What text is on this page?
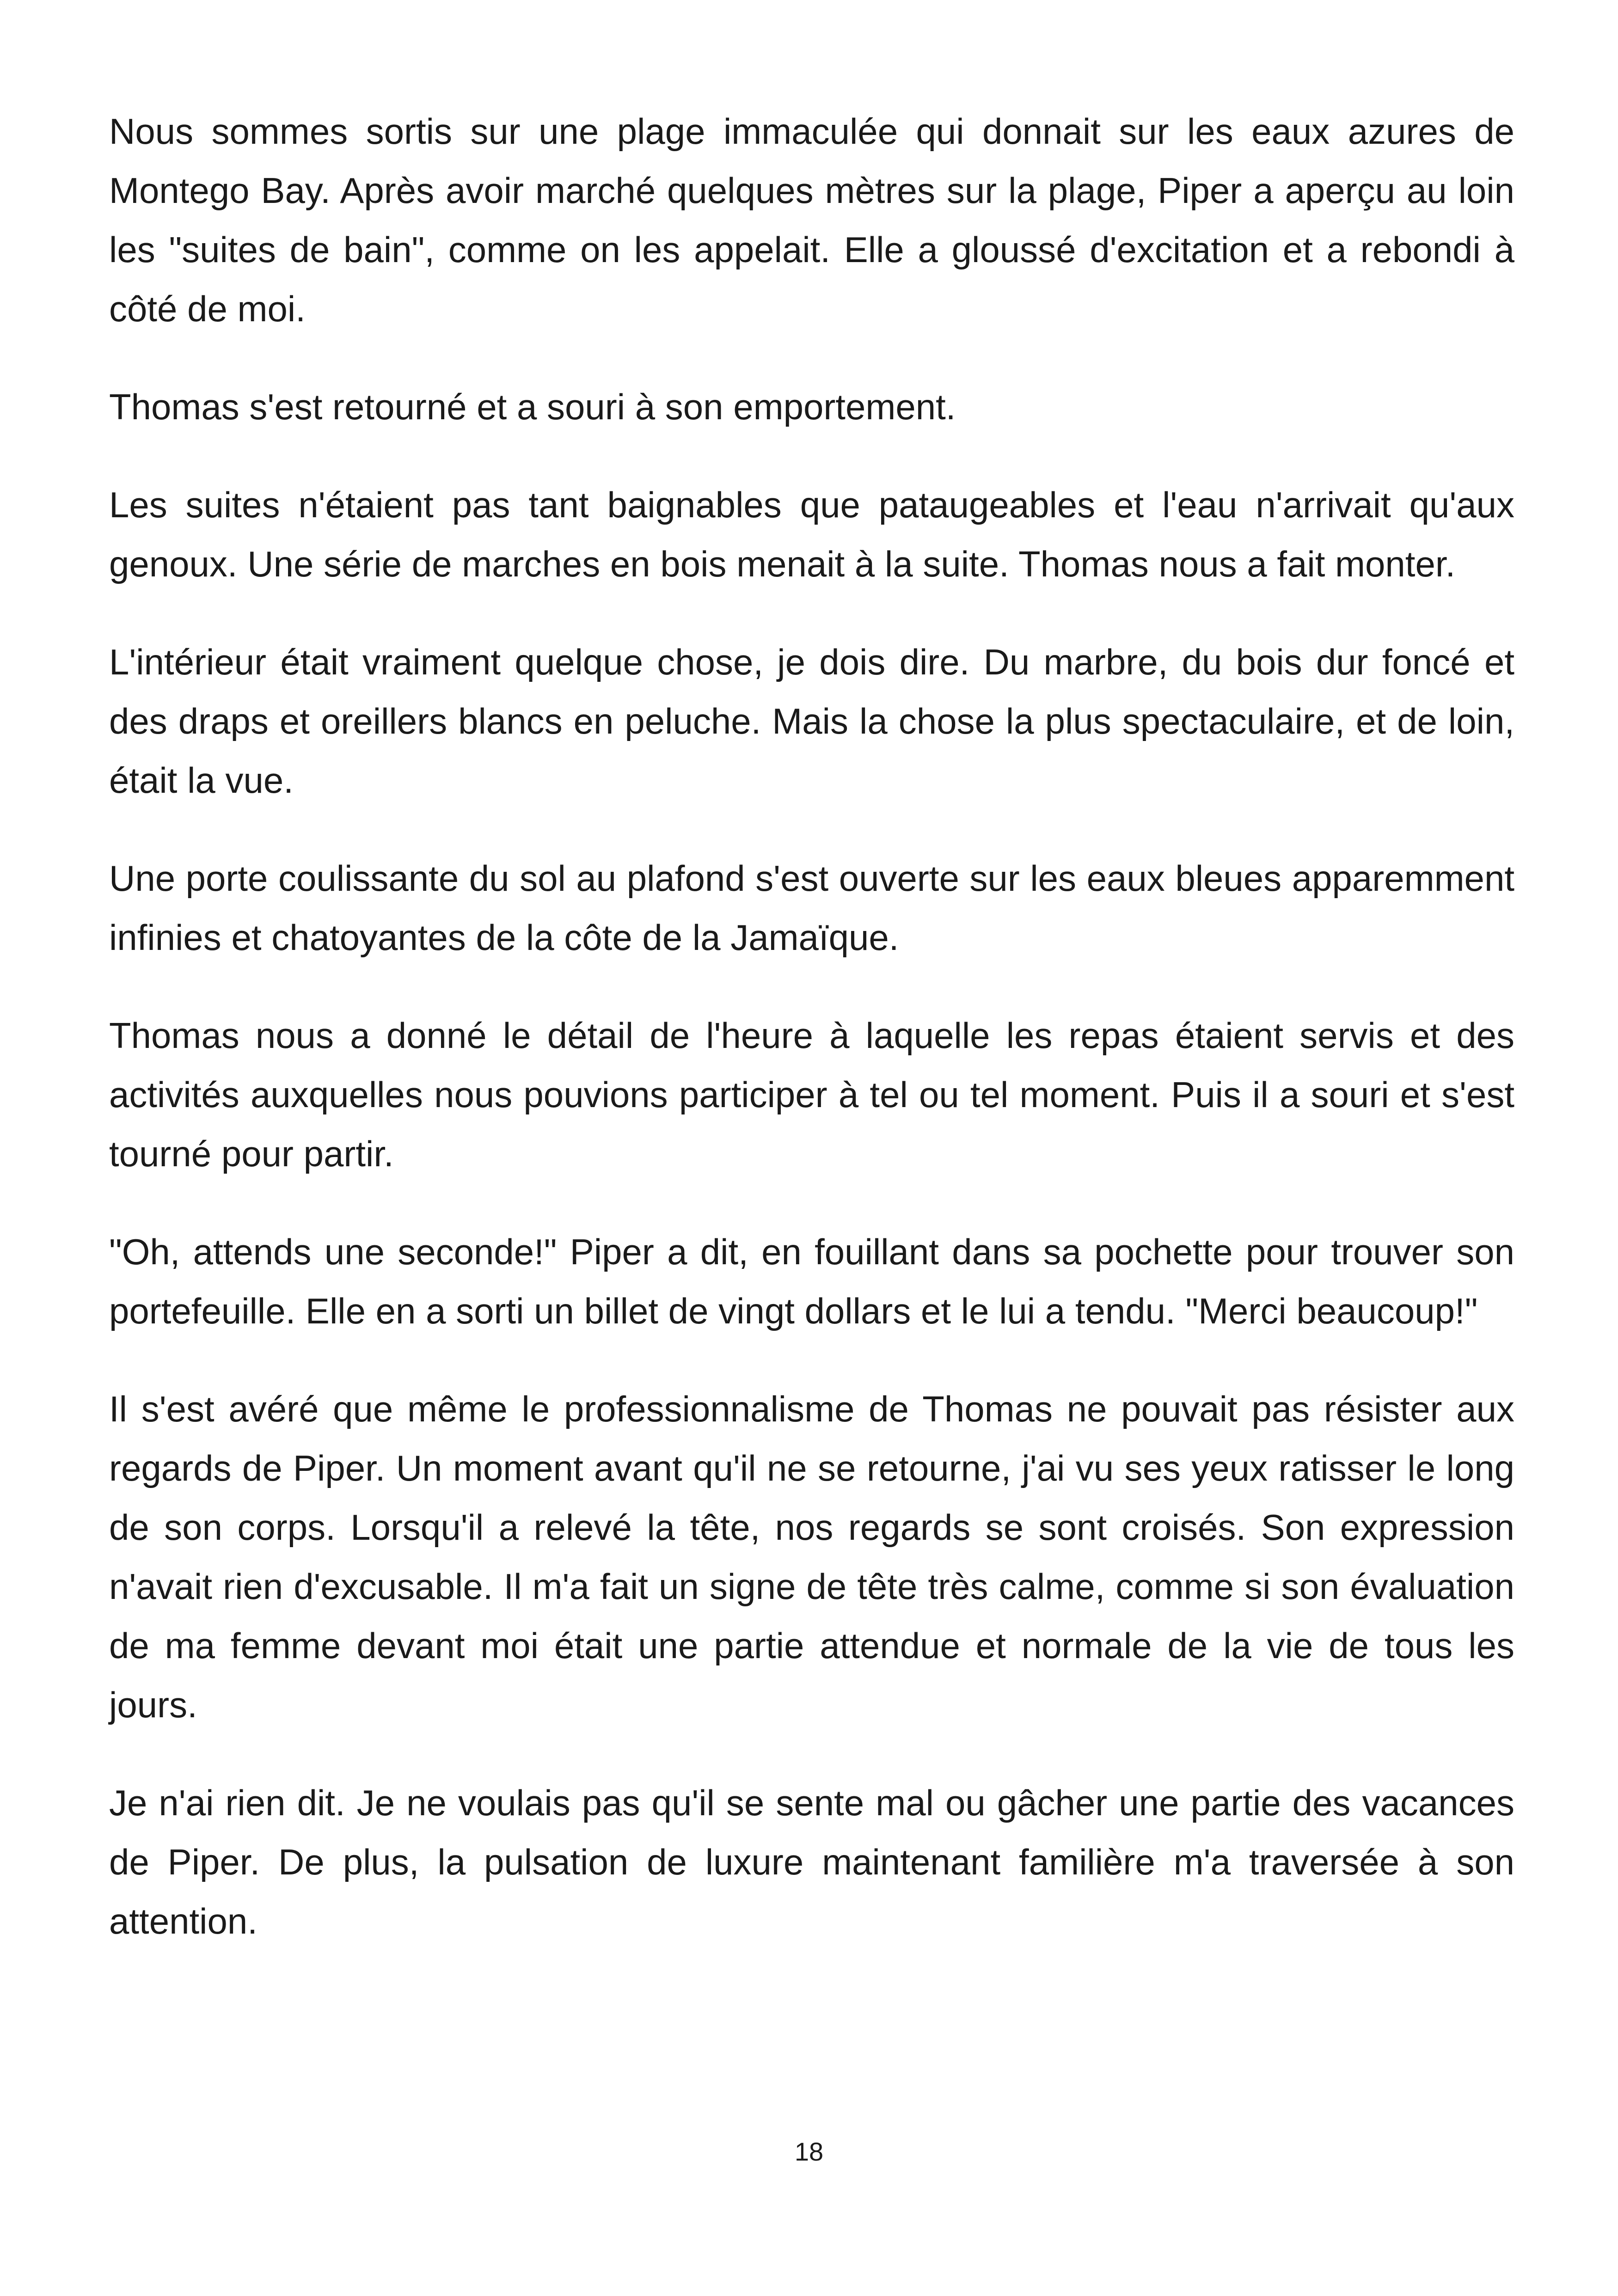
Nous sommes sortis sur une plage immaculée qui donnait sur les eaux azures de Montego Bay. Après avoir marché quelques mètres sur la plage, Piper a aperçu au loin les "suites de bain", comme on les appelait. Elle a gloussé d'excitation et a rebondi à côté de moi.

Thomas s'est retourné et a souri à son emportement.

Les suites n'étaient pas tant baignables que pataugeables et l'eau n'arrivait qu'aux genoux. Une série de marches en bois menait à la suite. Thomas nous a fait monter.

L'intérieur était vraiment quelque chose, je dois dire. Du marbre, du bois dur foncé et des draps et oreillers blancs en peluche. Mais la chose la plus spectaculaire, et de loin, était la vue.

Une porte coulissante du sol au plafond s'est ouverte sur les eaux bleues apparemment infinies et chatoyantes de la côte de la Jamaïque.

Thomas nous a donné le détail de l'heure à laquelle les repas étaient servis et des activités auxquelles nous pouvions participer à tel ou tel moment. Puis il a souri et s'est tourné pour partir.

"Oh, attends une seconde!" Piper a dit, en fouillant dans sa pochette pour trouver son portefeuille. Elle en a sorti un billet de vingt dollars et le lui a tendu. "Merci beaucoup!"

Il s'est avéré que même le professionnalisme de Thomas ne pouvait pas résister aux regards de Piper. Un moment avant qu'il ne se retourne, j'ai vu ses yeux ratisser le long de son corps. Lorsqu'il a relevé la tête, nos regards se sont croisés. Son expression n'avait rien d'excusable. Il m'a fait un signe de tête très calme, comme si son évaluation de ma femme devant moi était une partie attendue et normale de la vie de tous les jours.

Je n'ai rien dit. Je ne voulais pas qu'il se sente mal ou gâcher une partie des vacances de Piper. De plus, la pulsation de luxure maintenant familière m'a traversée à son attention.

18
